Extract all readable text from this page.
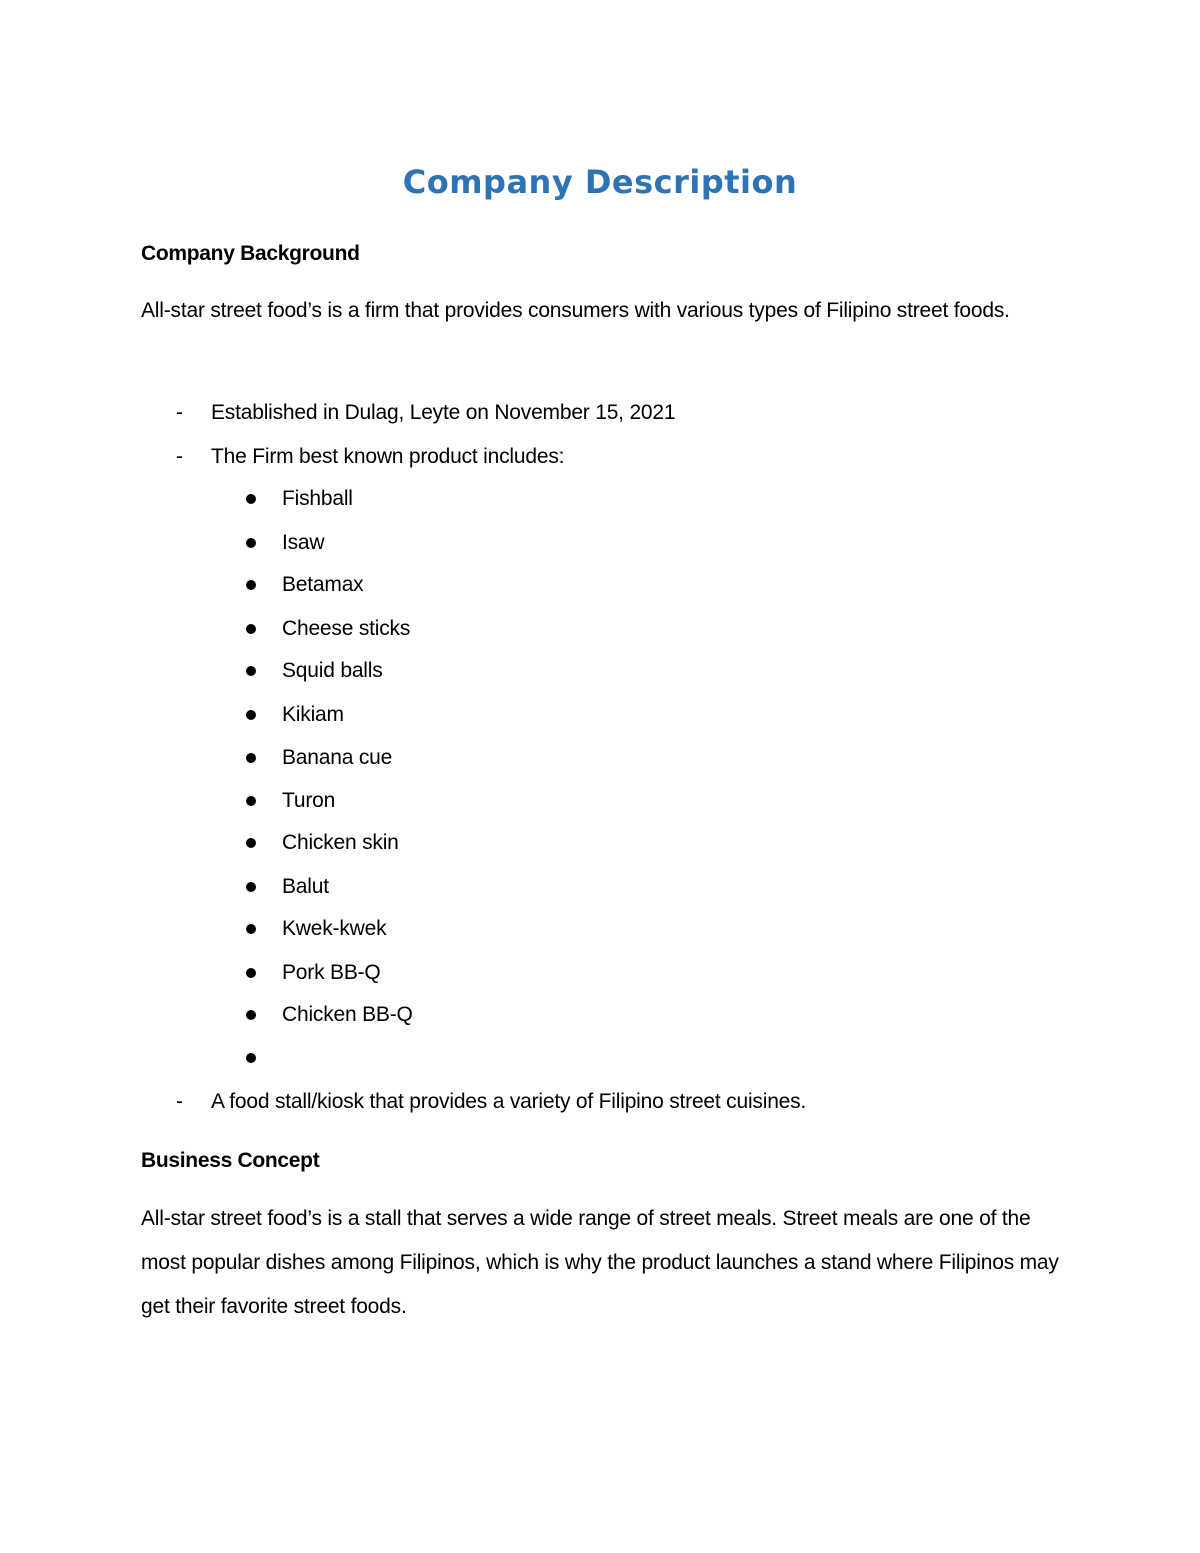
Company Description
Company Background

All-star street food’s is a firm that provides consumers with various types of Filipino street foods.

- Established in Dulag, Leyte on November 15, 2021
- The Firm best known product includes:
Fishball
Isaw
Betamax
Cheese sticks
Squid balls
Kikiam
Banana cue
Turon
Chicken skin
Balut
Kwek-kwek
Pork BB-Q
Chicken BB-Q
- A food stall/kiosk that provides a variety of Filipino street cuisines.
Business Concept

All-star street food’s is a stall that serves a wide range of street meals. Street meals are one of the most popular dishes among Filipinos, which is why the product launches a stand where Filipinos may get their favorite street foods.
